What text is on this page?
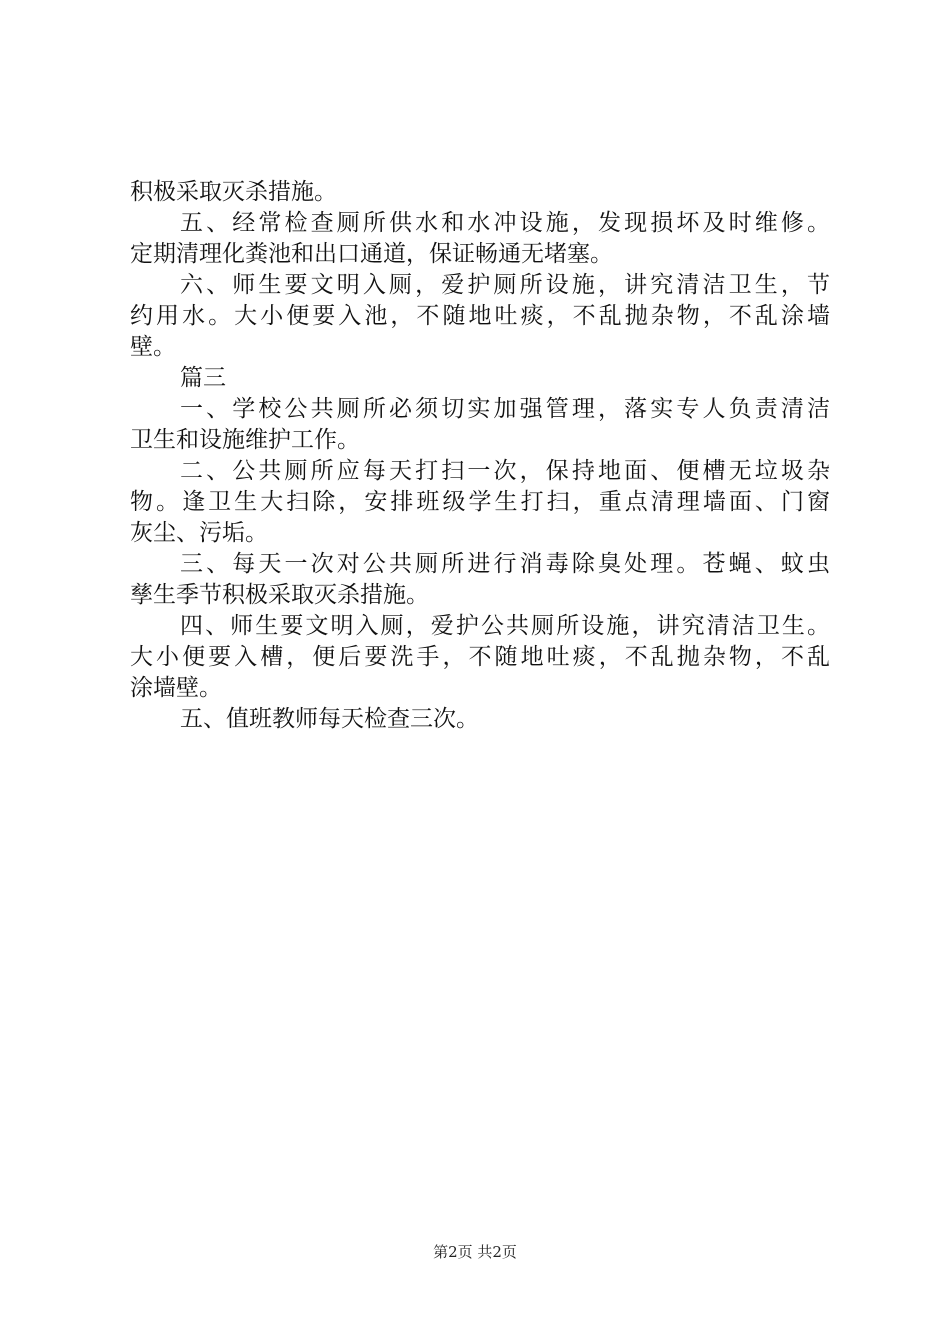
积极采取灭杀措施。
五、经常检查厕所供水和水冲设施，发现损坏及时维修。
定期清理化粪池和出口通道，保证畅通无堵塞。
六、师生要文明入厕，爱护厕所设施，讲究清洁卫生，节
约用水。大小便要入池，不随地吐痰，不乱抛杂物，不乱涂墙
壁。
篇三
一、学校公共厕所必须切实加强管理，落实专人负责清洁
卫生和设施维护工作。
二、公共厕所应每天打扫一次，保持地面、便槽无垃圾杂
物。逢卫生大扫除，安排班级学生打扫，重点清理墙面、门窗
灰尘、污垢。
三、每天一次对公共厕所进行消毒除臭处理。苍蝇、蚊虫
孳生季节积极采取灭杀措施。
四、师生要文明入厕，爱护公共厕所设施，讲究清洁卫生。
大小便要入槽，便后要洗手，不随地吐痰，不乱抛杂物，不乱
涂墙壁。
五、值班教师每天检查三次。
第2页 共2页
